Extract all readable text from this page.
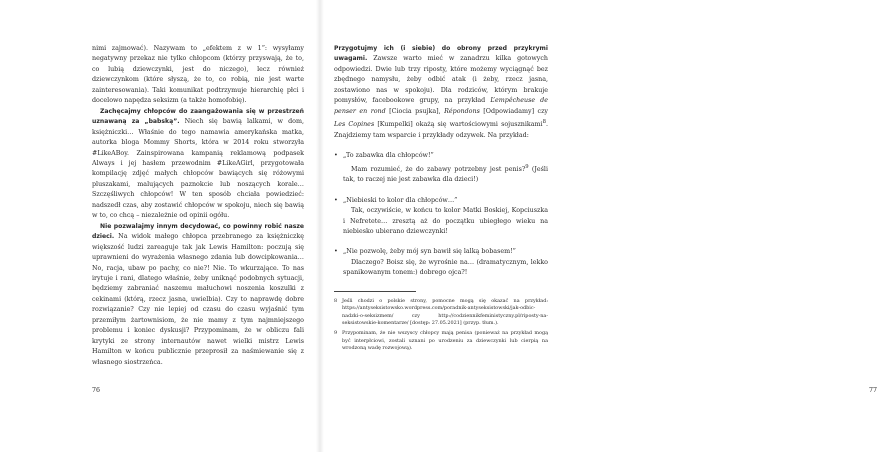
nimi zajmować). Nazywam to „efektem z w 1”: wysyłamy negatywny przekaz nie tylko chłopcom (którzy przyswają, że to, co lubią dziewczynki, jest do niczego), lecz również dziewczynkom (które słyszą, że to, co robią, nie jest warte zainteresowania). Taki komunikat podtrzymuje hierarchię płci i docelowo napędza seksizm (a także homofobię).

Zachęcajmy chłopców do zaangażowania się w przestrzeń uznawaną za „babską”. Niech się bawią lalkami, w dom, księżniczki… Właśnie do tego namawia amerykańska matka, autorka bloga Mommy Shorts, która w 2014 roku stworzyła #LikeABoy. Zainspirowana kampanią reklamową podpasek Always i jej hasłem przewodnim #LikeAGirl, przygotowała kompilację zdjęć małych chłopców bawiących się różowymi pluszakami, malujących paznokcie lub noszących korale… Szczęśliwych chłopców! W ten sposób chciała powiedzieć: nadszedł czas, aby zostawić chłopców w spokoju, niech się bawią w to, co chcą – niezależnie od opinii ogółu.

Nie pozwalajmy innym decydować, co powinny robić nasze dzieci. Na widok małego chłopca przebranego za księżniczkę większość ludzi zareaguje tak jak Lewis Hamilton: poczują się uprawnieni do wyrażenia własnego zdania lub dowcipkowania… No, racja, ubaw po pachy, co nie?! Nie. To wkurzające. To nas irytuje i rani, dlatego właśnie, żeby uniknąć podobnych sytuacji, będziemy zabraniać naszemu małuchowi noszenia koszulki z cekinami (którą, rzecz jasna, uwielbia). Czy to naprawdę dobre rozwiązanie? Czy nie lepiej od czasu do czasu wyjaśnić tym przemiłym żartownisiom, że nie mamy z tym najmniejszego problemu i koniec dyskusji? Przypominam, że w obliczu fali krytyki ze strony internautów nawet wielki mistrz Lewis Hamilton w końcu publicznie przeprosił za naśmiewanie się z własnego siostrzeńca.

76

Przygotujmy ich (i siebie) do obrony przed przykrymi uwagami. Zawsze warto mieć w zanadrzu kilka gotowych odpowiedzi. Dwie lub trzy riposty, które możemy wyciągnąć bez zbędnego namysłu, żeby odbić atak (i żeby, rzecz jasna, zostawiono nas w spokoju). Dla rodziców, którym brakuje pomysłów, facebookowe grupy, na przykład L’empêcheuse de penser en rond [Ciocia psujka], Répondons [Odpowiadamy] czy Les Copines [Kumpelki] okażą się wartościowymi sojusznikami$^8$. Znajdziemy tam wsparcie i przykłady odzywek. Na przykład:

• „To zabawka dla chłopców!”
Mam rozumieć, że do zabawy potrzebny jest penis?$^9$ (Jeśli tak, to raczej nie jest zabawka dla dzieci!)
• „Niebieski to kolor dla chłopców…”
Tak, oczywiście, w końcu to kolor Matki Boskiej, Kopciuszka i Nefretete… zresztą aż do początku ubiegłego wieku na niebiesko ubierano dziewczynki!
• „Nie pozwolę, żeby mój syn bawił się lalką bobasem!”
Dlaczego? Boisz się, że wyrośnie na… (dramatycznym, lekko spanikowanym tonem:) dobrego ojca?!
8 Jeśli chodzi o polskie strony, pomocne mogą się okazać na przykład: https://antyseksistowsko.wordpress.com/poradnik-antyseksistowski/jak-odbic-nadzki-o-seksizmem/ czy http://codziennikfeministyczny.pl/riposty-na-seksistowskie-komentarze/ [dostęp: 27.05.2021] (przyp. tłum.).
9 Przypominam, że nie wszyscy chłopcy mają penisa (ponieważ na przykład mogą być interpłciowi, zostali uznani po urodzeniu za dziewczynki lub cierpią na wrodzoną wadę rozwojową).
77
